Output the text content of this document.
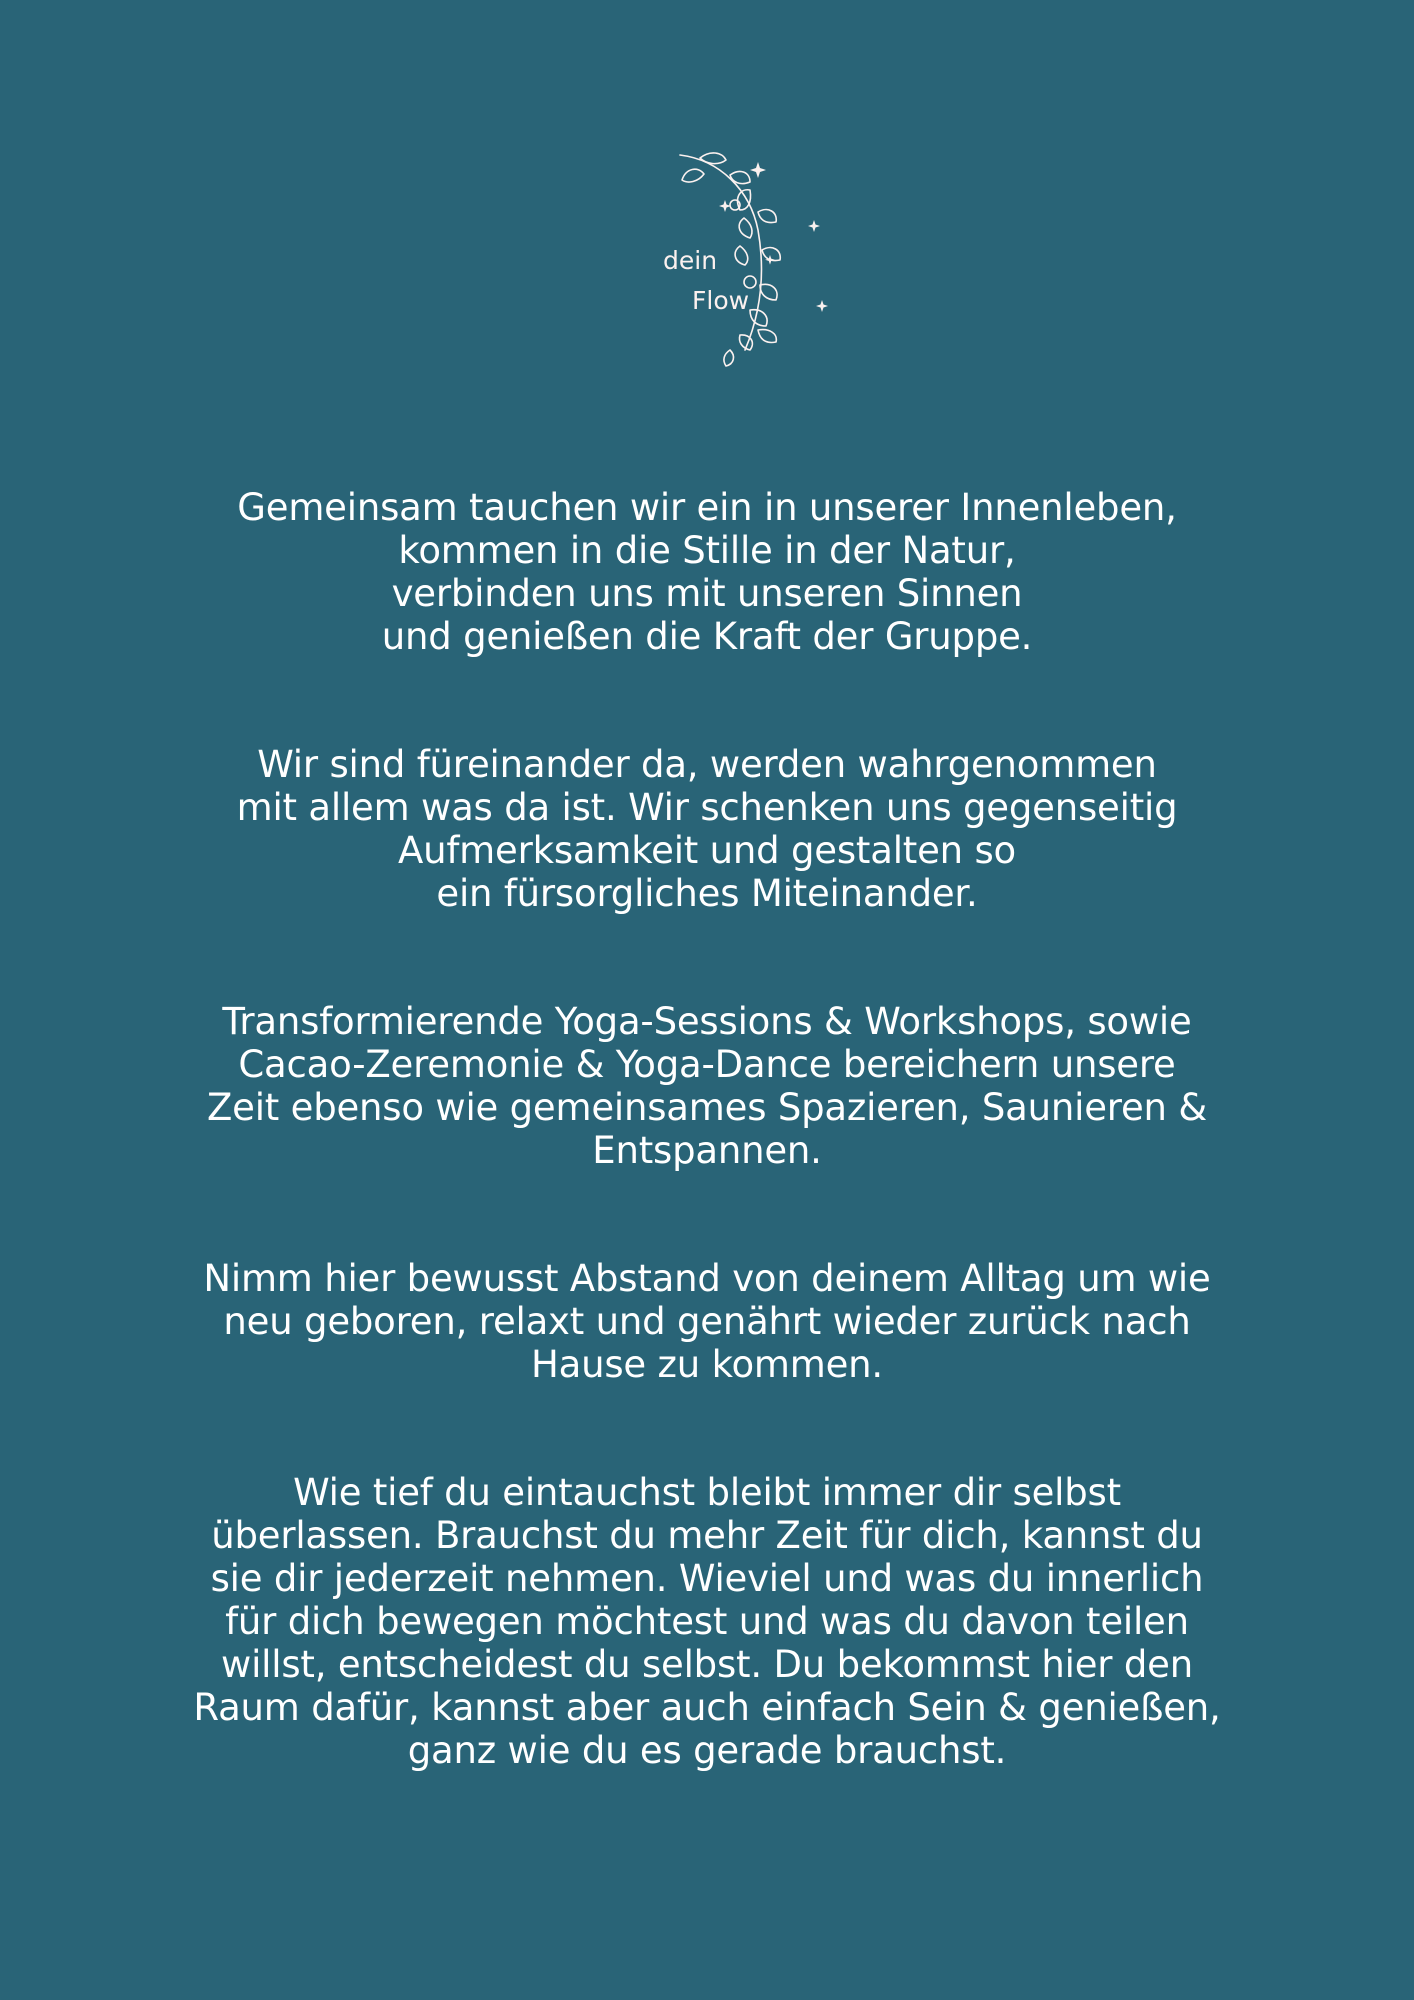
dein
Flow

Gemeinsam tauchen wir ein in unserer Innenleben,
kommen in die Stille in der Natur,
verbinden uns mit unseren Sinnen
und genießen die Kraft der Gruppe.

Wir sind füreinander da, werden wahrgenommen
mit allem was da ist. Wir schenken uns gegenseitig
Aufmerksamkeit und gestalten so
ein fürsorgliches Miteinander.

Transformierende Yoga-Sessions & Workshops, sowie
Cacao-Zeremonie & Yoga-Dance bereichern unsere
Zeit ebenso wie gemeinsames Spazieren, Saunieren &
Entspannen.

Nimm hier bewusst Abstand von deinem Alltag um wie
neu geboren, relaxt und genährt wieder zurück nach
Hause zu kommen.

Wie tief du eintauchst bleibt immer dir selbst
überlassen. Brauchst du mehr Zeit für dich, kannst du
sie dir jederzeit nehmen. Wieviel und was du innerlich
für dich bewegen möchtest und was du davon teilen
willst, entscheidest du selbst. Du bekommst hier den
Raum dafür, kannst aber auch einfach Sein & genießen,
ganz wie du es gerade brauchst.
